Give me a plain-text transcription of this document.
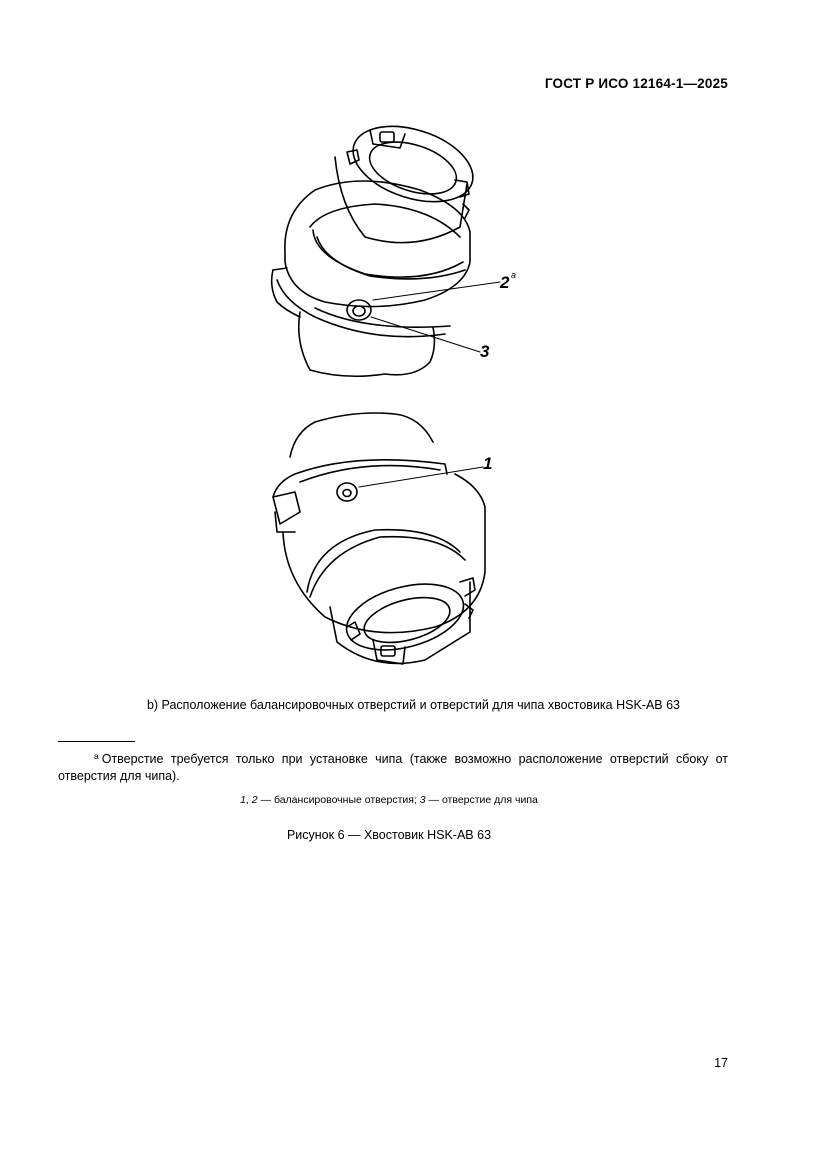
ГОСТ Р ИСО 12164-1—2025
2 a
3
1
b) Расположение балансировочных отверстий и отверстий для чипа хвостовика HSK-AB 63
$^a$ Отверстие требуется только при установке чипа (также возможно расположение отверстий сбоку от отверстия для чипа).
1, 2 — балансировочные отверстия; 3 — отверстие для чипа
Рисунок 6 — Хвостовик HSK-AB 63
17
